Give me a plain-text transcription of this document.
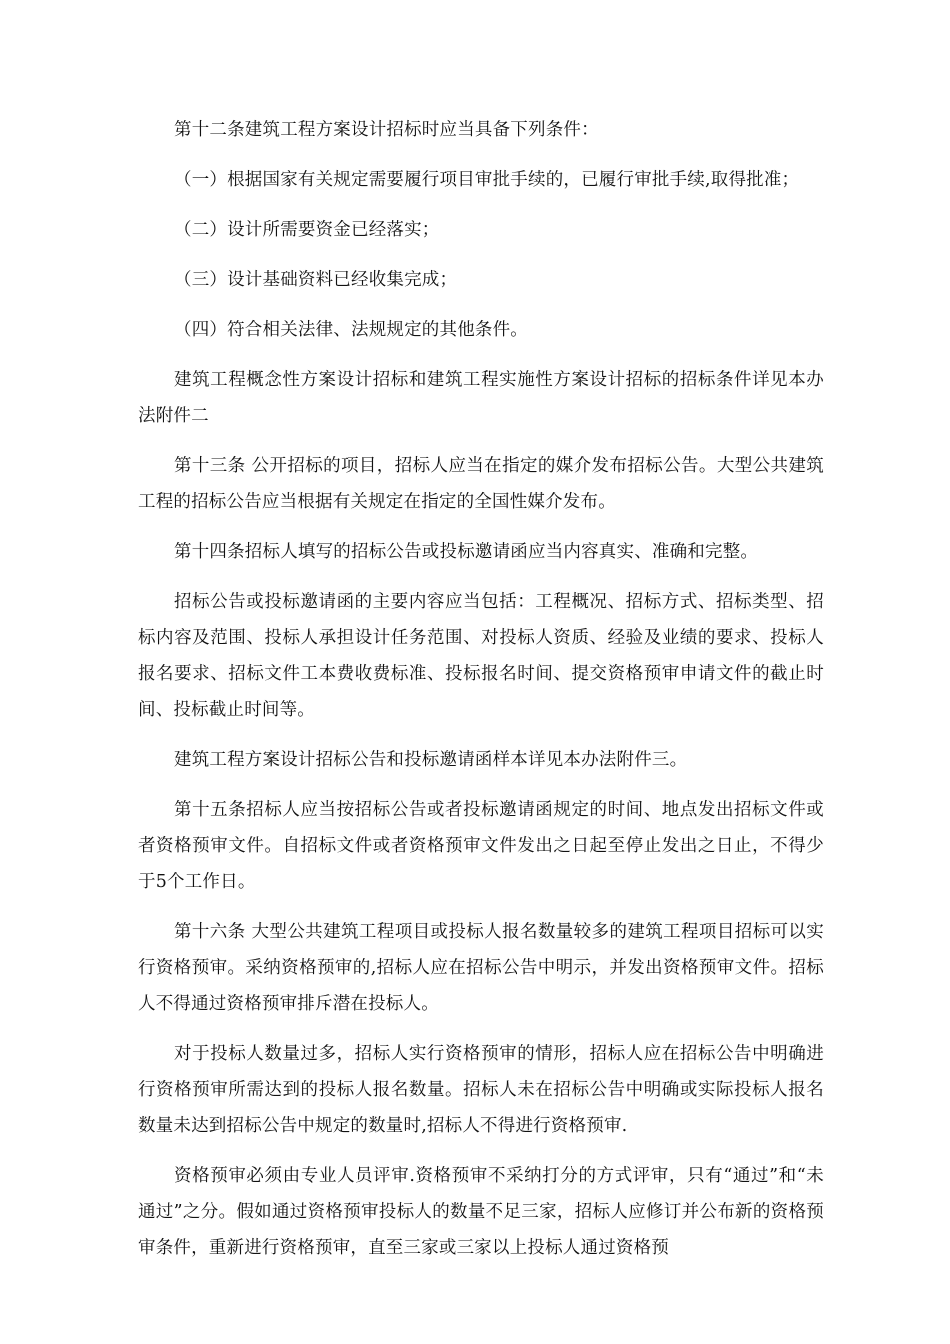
第十二条建筑工程方案设计招标时应当具备下列条件：

（一）根据国家有关规定需要履行项目审批手续的，已履行审批手续,取得批准；

（二）设计所需要资金已经落实；

（三）设计基础资料已经收集完成；

（四）符合相关法律、法规规定的其他条件。

建筑工程概念性方案设计招标和建筑工程实施性方案设计招标的招标条件详见本办法附件二

第十三条 公开招标的项目，招标人应当在指定的媒介发布招标公告。大型公共建筑工程的招标公告应当根据有关规定在指定的全国性媒介发布。

第十四条招标人填写的招标公告或投标邀请函应当内容真实、准确和完整。

招标公告或投标邀请函的主要内容应当包括：工程概况、招标方式、招标类型、招标内容及范围、投标人承担设计任务范围、对投标人资质、经验及业绩的要求、投标人报名要求、招标文件工本费收费标准、投标报名时间、提交资格预审申请文件的截止时间、投标截止时间等。

建筑工程方案设计招标公告和投标邀请函样本详见本办法附件三。

第十五条招标人应当按招标公告或者投标邀请函规定的时间、地点发出招标文件或者资格预审文件。自招标文件或者资格预审文件发出之日起至停止发出之日止，不得少于5个工作日。

第十六条 大型公共建筑工程项目或投标人报名数量较多的建筑工程项目招标可以实行资格预审。采纳资格预审的,招标人应在招标公告中明示，并发出资格预审文件。招标人不得通过资格预审排斥潜在投标人。

对于投标人数量过多，招标人实行资格预审的情形，招标人应在招标公告中明确进行资格预审所需达到的投标人报名数量。招标人未在招标公告中明确或实际投标人报名数量未达到招标公告中规定的数量时,招标人不得进行资格预审.

资格预审必须由专业人员评审.资格预审不采纳打分的方式评审，只有“通过”和“未通过”之分。假如通过资格预审投标人的数量不足三家，招标人应修订并公布新的资格预审条件，重新进行资格预审，直至三家或三家以上投标人通过资格预
